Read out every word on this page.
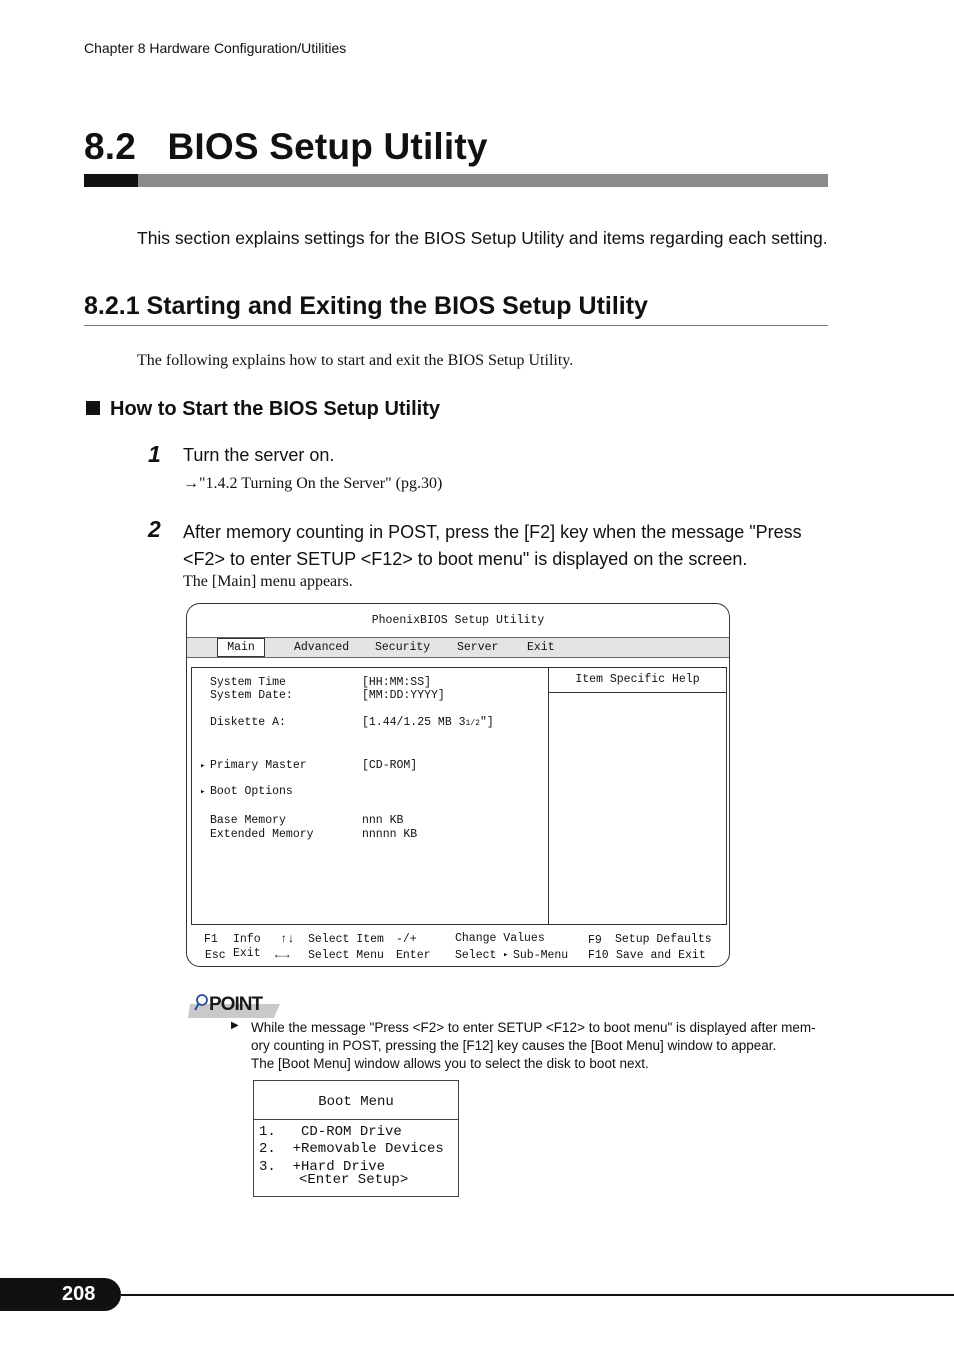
Chapter 8 Hardware Configuration/Utilities
8.2 BIOS Setup Utility
This section explains settings for the BIOS Setup Utility and items regarding each setting.
8.2.1 Starting and Exiting the BIOS Setup Utility
The following explains how to start and exit the BIOS Setup Utility.
How to Start the BIOS Setup Utility
1 Turn the server on.
→"1.4.2 Turning On the Server" (pg.30)
2 After memory counting in POST, press the [F2] key when the message "Press <F2> to enter SETUP <F12> to boot menu" is displayed on the screen.
The [Main] menu appears.
PhoenixBIOS Setup Utility
Main	Advanced Security Server Exit
System Time	[HH:MM:SS]
System Date:	[MM:DD:YYYY]
Diskette A:	[1.44/1.25 MB 31/2"]
▸ Primary Master	[CD-ROM]
▸ Boot Options
Base Memory	nnn KB
Extended Memory	nnnnn KB
Item Specific Help
F1 Info ↑↓ Select Item -/+	Change Values	F9 Setup Defaults
Esc Exit ←→ Select Menu Enter Select ▸ Sub-Menu F10 Save and Exit
POINT
▶ While the message "Press <F2> to enter SETUP <F12> to boot menu" is displayed after mem-
ory counting in POST, pressing the [F12] key causes the [Boot Menu] window to appear.
The [Boot Menu] window allows you to select the disk to boot next.
Boot Menu
1.   CD-ROM Drive
2.  +Removable Devices
3.  +Hard Drive
<Enter Setup>
208
